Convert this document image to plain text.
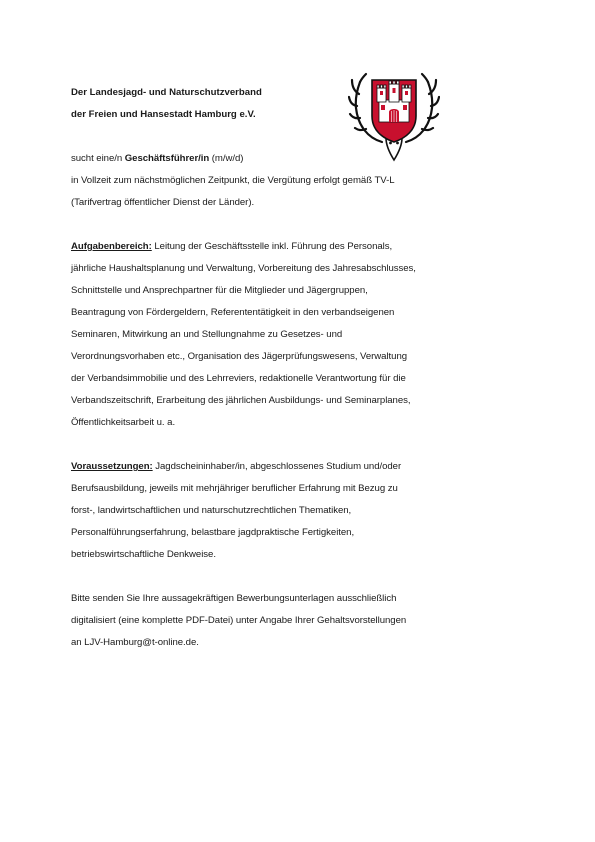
Der Landesjagd- und Naturschutzverband

der Freien und Hansestadt Hamburg e.V.

sucht eine/n Geschäftsführer/in (m/w/d)

in Vollzeit zum nächstmöglichen Zeitpunkt, die Vergütung erfolgt gemäß TV-L

(Tarifvertrag öffentlicher Dienst der Länder).

Aufgabenbereich: Leitung der Geschäftsstelle inkl. Führung des Personals,

jährliche Haushaltsplanung und Verwaltung, Vorbereitung des Jahresabschlusses,

Schnittstelle und Ansprechpartner für die Mitglieder und Jägergruppen,

Beantragung von Fördergeldern, Referententätigkeit in den verbandseigenen

Seminaren, Mitwirkung an und Stellungnahme zu Gesetzes- und

Verordnungsvorhaben etc., Organisation des Jägerprüfungswesens, Verwaltung

der Verbandsimmobilie und des Lehrreviers, redaktionelle Verantwortung für die

Verbandszeitschrift, Erarbeitung des jährlichen Ausbildungs- und Seminarplanes,

Öffentlichkeitsarbeit u. a.

Voraussetzungen: Jagdscheininhaber/in, abgeschlossenes Studium und/oder

Berufsausbildung, jeweils mit mehrjähriger beruflicher Erfahrung mit Bezug zu

forst-, landwirtschaftlichen und naturschutzrechtlichen Thematiken,

Personalführungserfahrung, belastbare jagdpraktische Fertigkeiten,

betriebswirtschaftliche Denkweise.

Bitte senden Sie Ihre aussagekräftigen Bewerbungsunterlagen ausschließlich

digitalisiert (eine komplette PDF-Datei) unter Angabe Ihrer Gehaltsvorstellungen

an LJV-Hamburg@t-online.de.
